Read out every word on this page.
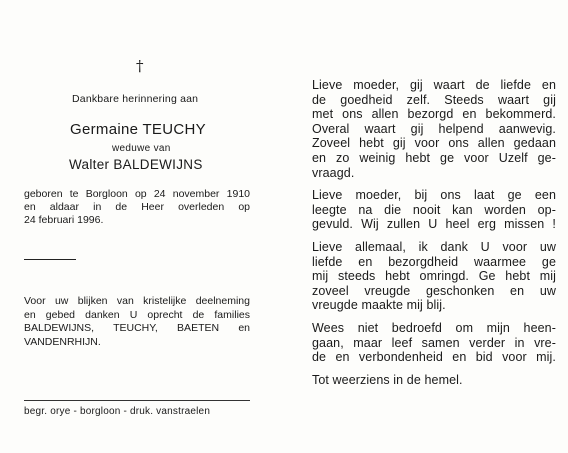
†
Dankbare herinnering aan
Germaine TEUCHY
weduwe van
Walter BALDEWIJNS
geboren te Borgloon op 24 november 1910
en aldaar in de Heer overleden op
24 februari 1996.
Voor uw blijken van kristelijke deelneming
en gebed danken U oprecht de families
BALDEWIJNS, TEUCHY, BAETEN en
VANDENRHIJN.
begr. orye - borgloon - druk. vanstraelen
Lieve moeder, gij waart de liefde en
de goedheid zelf. Steeds waart gij
met ons allen bezorgd en bekommerd.
Overal waart gij helpend aanwevig.
Zoveel hebt gij voor ons allen gedaan
en zo weinig hebt ge voor Uzelf ge-
vraagd.
Lieve moeder, bij ons laat ge een
leegte na die nooit kan worden op-
gevuld. Wij zullen U heel erg missen !
Lieve allemaal, ik dank U voor uw
liefde en bezorgdheid waarmee ge
mij steeds hebt omringd. Ge hebt mij
zoveel vreugde geschonken en uw
vreugde maakte mij blij.
Wees niet bedroefd om mijn heen-
gaan, maar leef samen verder in vre-
de en verbondenheid en bid voor mij.
Tot weerziens in de hemel.
